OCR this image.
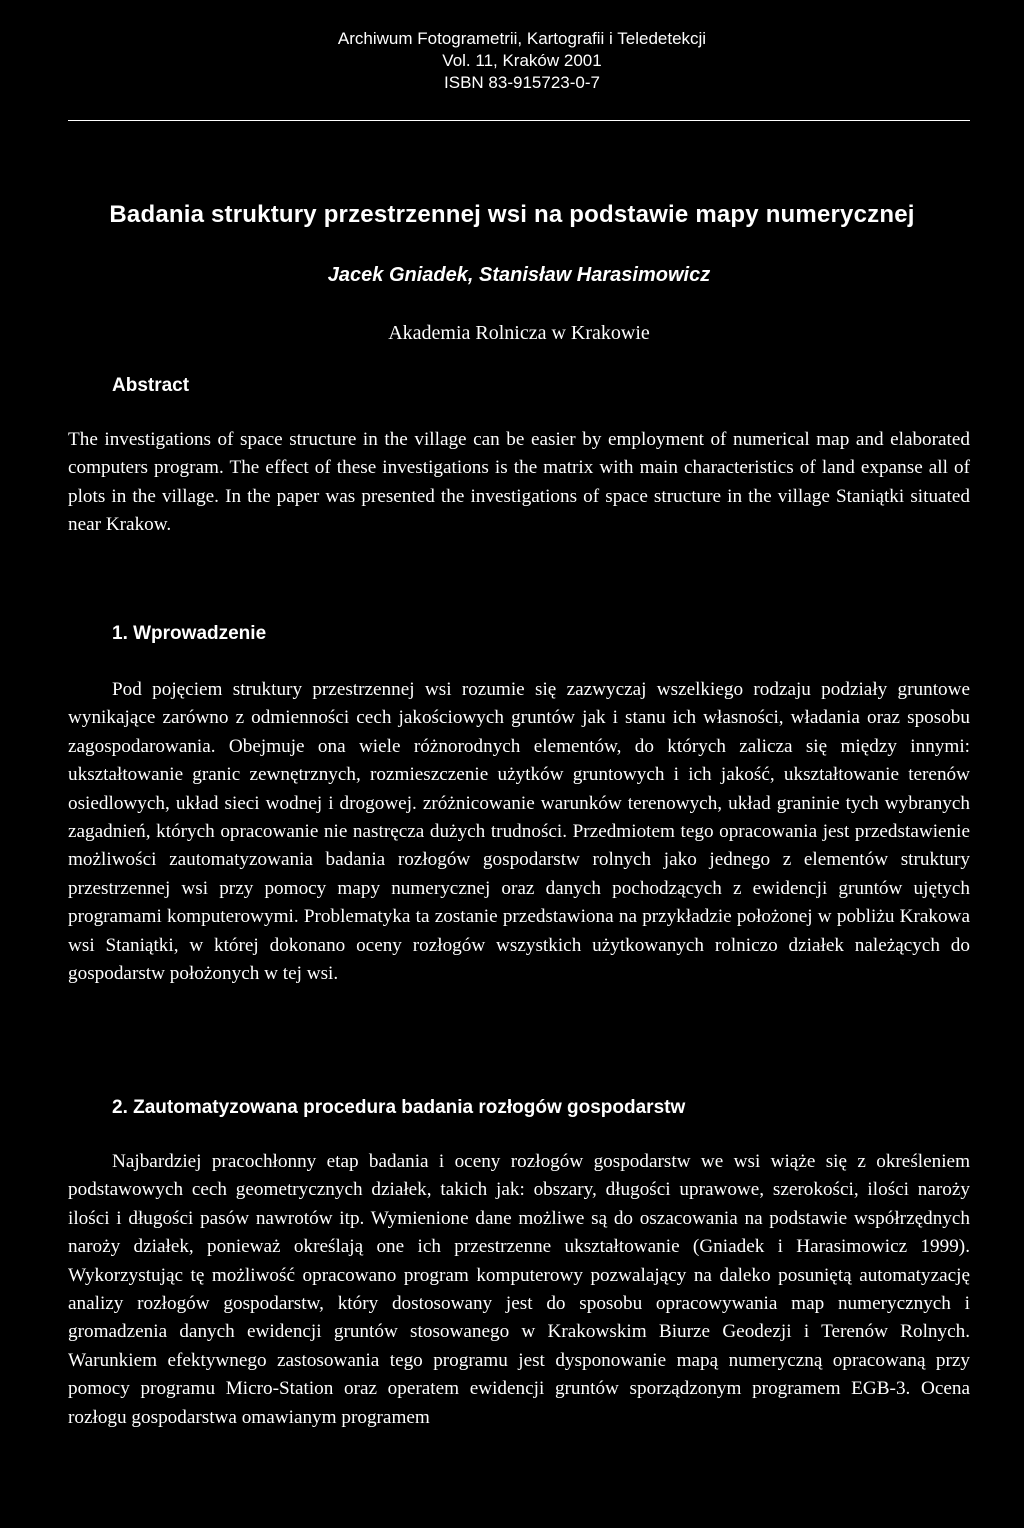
Archiwum Fotogrametrii, Kartografii i Teledetekcji
Vol. 11, Kraków 2001
ISBN 83-915723-0-7
Badania struktury przestrzennej wsi na podstawie mapy numerycznej
Jacek Gniadek, Stanisław Harasimowicz
Akademia Rolnicza w Krakowie
Abstract
The investigations of space structure in the village can be easier by employment of numerical map and elaborated computers program. The effect of these investigations is the matrix with main characteristics of land expanse all of plots in the village. In the paper was presented the investigations of space structure in the village Staniątki situated near Krakow.
1. Wprowadzenie
Pod pojęciem struktury przestrzennej wsi rozumie się zazwyczaj wszelkiego rodzaju podziały gruntowe wynikające zarówno z odmienności cech jakościowych gruntów jak i stanu ich własności, władania oraz sposobu zagospodarowania. Obejmuje ona wiele różnorodnych elementów, do których zalicza się między innymi: ukształtowanie granic zewnętrznych, rozmieszczenie użytków gruntowych i ich jakość, ukształtowanie terenów osiedlowych, układ sieci wodnej i drogowej. zróżnicowanie warunków terenowych, układ graninie tych wybranych zagadnień, których opracowanie nie nastręcza dużych trudności. Przedmiotem tego opracowania jest przedstawienie możliwości zautomatyzowania badania rozłogów gospodarstw rolnych jako jednego z elementów struktury przestrzennej wsi przy pomocy mapy numerycznej oraz danych pochodzących z ewidencji gruntów ujętych programami komputerowymi. Problematyka ta zostanie przedstawiona na przykładzie położonej w pobliżu Krakowa wsi Staniątki, w której dokonano oceny rozłogów wszystkich użytkowanych rolniczo działek należących do gospodarstw położonych w tej wsi.
2. Zautomatyzowana procedura badania rozłogów gospodarstw
Najbardziej pracochłonny etap badania i oceny rozłogów gospodarstw we wsi wiąże się z określeniem podstawowych cech geometrycznych działek, takich jak: obszary, długości uprawowe, szerokości, ilości naroży ilości i długości pasów nawrotów itp. Wymienione dane możliwe są do oszacowania na podstawie współrzędnych naroży działek, ponieważ określają one ich przestrzenne ukształtowanie (Gniadek i Harasimowicz 1999). Wykorzystując tę możliwość opracowano program komputerowy pozwalający na daleko posuniętą automatyzację analizy rozłogów gospodarstw, który dostosowany jest do sposobu opracowywania map numerycznych i gromadzenia danych ewidencji gruntów stosowanego w Krakowskim Biurze Geodezji i Terenów Rolnych. Warunkiem efektywnego zastosowania tego programu jest dysponowanie mapą numeryczną opracowaną przy pomocy programu Micro-Station oraz operatem ewidencji gruntów sporządzonym programem EGB-3. Ocena rozłogu gospodarstwa omawianym programem
